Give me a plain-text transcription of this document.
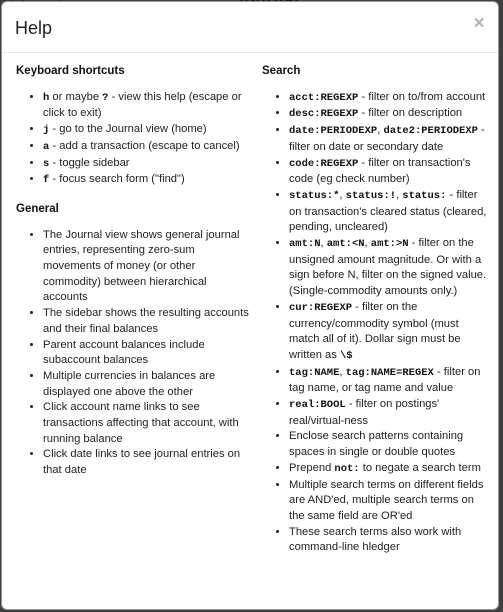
Help	×
Keyboard shortcuts
• h or maybe ? - view this help (escape or click to exit)
• j - go to the Journal view (home)
• a - add a transaction (escape to cancel)
• s - toggle sidebar
• f - focus search form ("find")
General
• The Journal view shows general journal entries, representing zero-sum movements of money (or other commodity) between hierarchical accounts
• The sidebar shows the resulting accounts and their final balances
• Parent account balances include subaccount balances
• Multiple currencies in balances are displayed one above the other
• Click account name links to see transactions affecting that account, with running balance
• Click date links to see journal entries on that date
Search
• acct:REGEXP - filter on to/from account
• desc:REGEXP - filter on description
• date:PERIODEXP, date2:PERIODEXP - filter on date or secondary date
• code:REGEXP - filter on transaction's code (eg check number)
• status:*, status:!, status: - filter on transaction's cleared status (cleared, pending, uncleared)
• amt:N, amt:<N, amt:>N - filter on the unsigned amount magnitude. Or with a sign before N, filter on the signed value. (Single-commodity amounts only.)
• cur:REGEXP - filter on the currency/commodity symbol (must match all of it). Dollar sign must be written as \$
• tag:NAME, tag:NAME=REGEX - filter on tag name, or tag name and value
• real:BOOL - filter on postings' real/virtual-ness
• Enclose search patterns containing spaces in single or double quotes
• Prepend not: to negate a search term
• Multiple search terms on different fields are AND'ed, multiple search terms on the same field are OR'ed
• These search terms also work with command-line hledger
